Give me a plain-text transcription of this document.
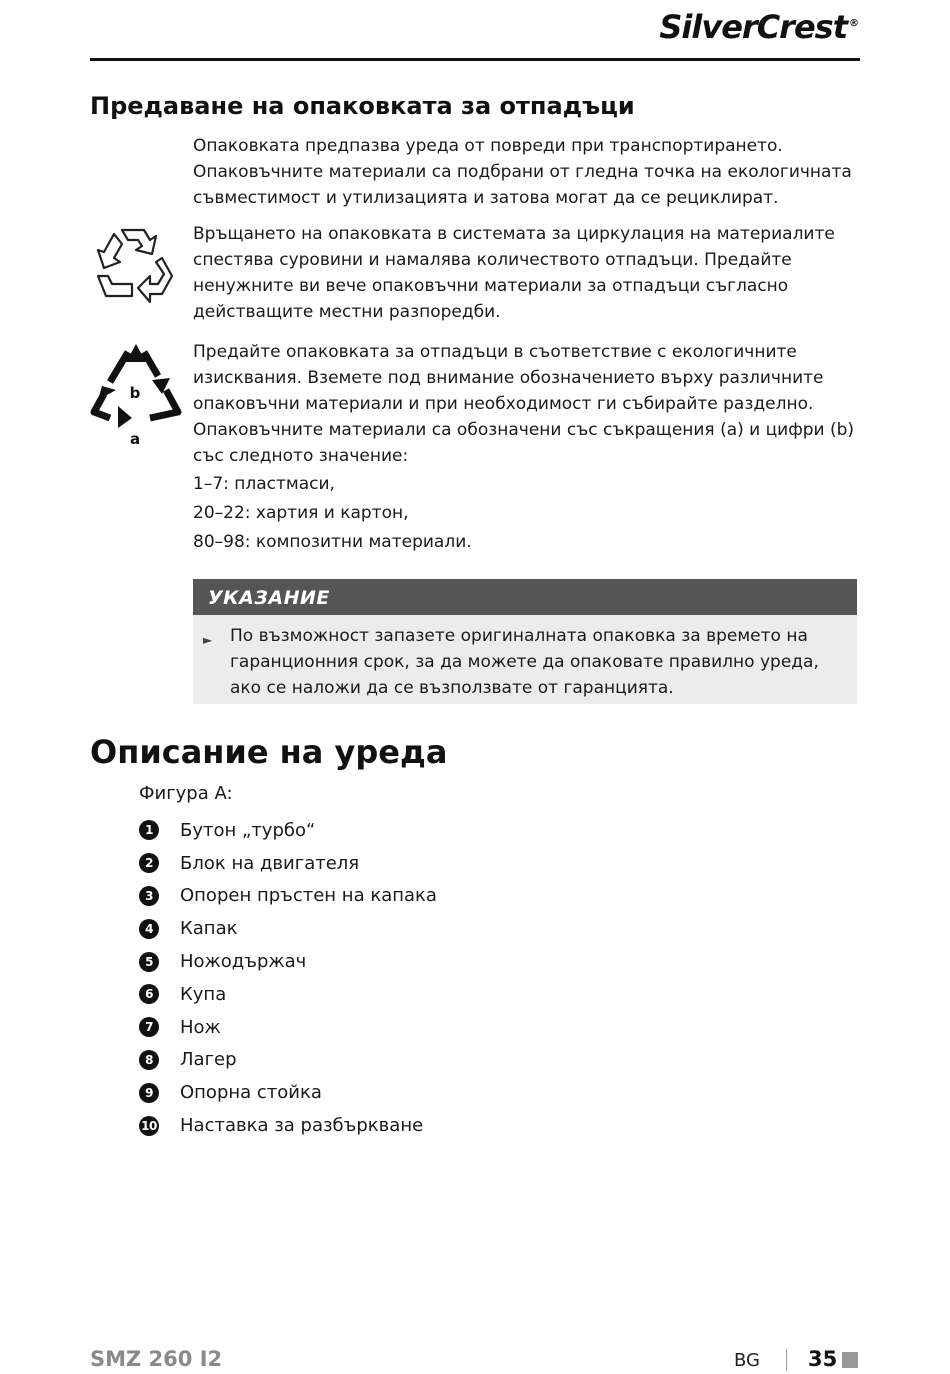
SilverCrest ®
Предаване на опаковката за отпадъци

Опаковката предпазва уреда от повреди при транспортирането. Опаковъчните материали са подбрани от гледна точка на екологичната съвместимост и утилизацията и затова могат да се рециклират.

Връщането на опаковката в системата за циркулация на материалите спестява суровини и намалява количеството отпадъци. Предайте ненужните ви вече опаковъчни материали за отпадъци съгласно действащите местни разпоредби.

b
a

Предайте опаковката за отпадъци в съответствие с екологичните изисквания. Вземете под внимание обозначението върху различните опаковъчни материали и при необходимост ги събирайте разделно. Опаковъчните материали са обозначени със съкращения (a) и цифри (b) със следното значение:

1–7: пластмаси,
20–22: хартия и картон,
80–98: композитни материали.
УКАЗАНИЕ
► По възможност запазете оригиналната опаковка за времето на гаранционния срок, за да можете да опаковате правилно уреда, ако се наложи да се възползвате от гаранцията.
Описание на уреда
Фигура A:
1	Бутон „турбо“
2	Блок на двигателя
3	Опорен пръстен на капака
4	Капак
5	Ножодържач
6	Купа
7	Нож
8	Лагер
9	Опорна стойка
10 Наставка за разбъркване
SMZ 260 I2	BG 35
